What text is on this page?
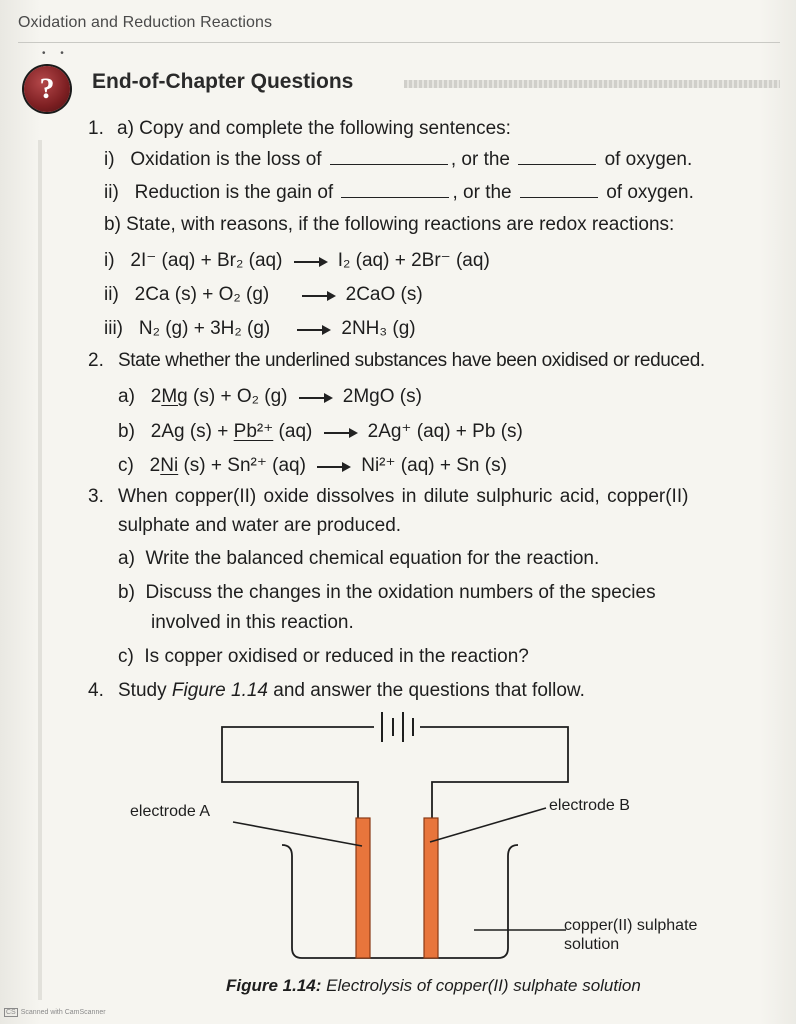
Oxidation and Reduction Reactions
• •
? End-of-Chapter Questions
1. a) Copy and complete the following sentences:
i) Oxidation is the loss of	, or the	of oxygen.
ii) Reduction is the gain of	, or the	of oxygen.
b) State, with reasons, if the following reactions are redox reactions:
i) 2I⁻ (aq) + Br₂ (aq)	I₂ (aq) + 2Br⁻ (aq)
ii) 2Ca (s) + O₂ (g)	2CaO (s)
iii) N₂ (g) + 3H₂ (g)	2NH₃ (g)
2. State whether the underlined substances have been oxidised or reduced.
a) 2Mg (s) + O₂ (g)	2MgO (s)
b) 2Ag (s) + Pb²⁺ (aq)	2Ag⁺ (aq) + Pb (s)
c) 2Ni (s) + Sn²⁺ (aq)	Ni²⁺ (aq) + Sn (s)
3. When copper(II) oxide dissolves in dilute sulphuric acid, copper(II)
sulphate and water are produced.
a) Write the balanced chemical equation for the reaction.
b) Discuss the changes in the oxidation numbers of the species
involved in this reaction.
c) Is copper oxidised or reduced in the reaction?
4. Study Figure 1.14 and answer the questions that follow.
electrode A	electrode B
copper(II) sulphate
solution
Figure 1.14: Electrolysis of copper(II) sulphate solution
CS Scanned with CamScanner
